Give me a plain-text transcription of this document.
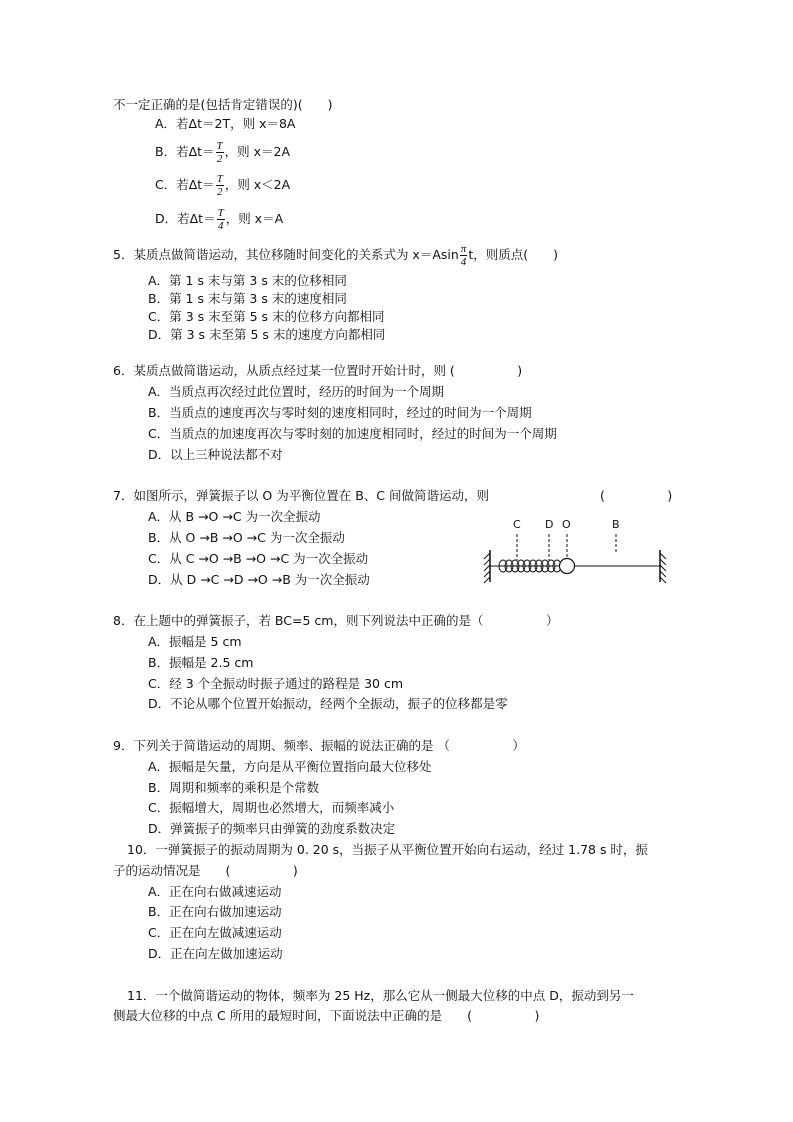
不一定正确的是(包括肯定错误的)(　　)
A．若Δt＝2T，则 x＝8A
B．若$\Delta t= \frac{T}{2}$ ，则 x＝2A
C．若$\Delta t= \frac{T}{2}$ ，则 x＜2A
D．若$\Delta t= \frac{T}{4}$ ，则 x＝A
5．某质点做简谐运动，其位移随时间变化的关系式为 $x=Asin \frac{\pi}{4}$ t，则质点(　　)
A．第 1 s 末与第 3 s 末的位移相同
B．第 1 s 末与第 3 s 末的速度相同
C．第 3 s 末至第 5 s 末的位移方向都相同
D．第 3 s 末至第 5 s 末的速度方向都相同
6．某质点做简谐运动，从质点经过某一位置时开始计时，则 (　　　　　)
A．当质点再次经过此位置时，经历的时间为一个周期
B．当质点的速度再次与零时刻的速度相同时，经过的时间为一个周期
C．当质点的加速度再次与零时刻的加速度相同时，经过的时间为一个周期
D．以上三种说法都不对
7．如图所示，弹簧振子以 O 为平衡位置在 B、C 间做简谐运动，则	(　　　　　)
A．从 B →O →C 为一次全振动
B．从 O →B →O →C 为一次全振动
C．从 C →O →B →O →C 为一次全振动
D．从 D →C →D →O →B 为一次全振动
C D O	B
8．在上题中的弹簧振子，若 BC=5 cm，则下列说法中正确的是（　　　　　）
A．振幅是 5 cm
B．振幅是 2.5 cm
C．经 3 个全振动时振子通过的路程是 30 cm
D．不论从哪个位置开始振动，经两个全振动，振子的位移都是零
9．下列关于简谐运动的周期、频率、振幅的说法正确的是 （　　　　　）
A．振幅是矢量，方向是从平衡位置指向最大位移处
B．周期和频率的乘积是个常数
C．振幅增大，周期也必然增大，而频率减小
D．弹簧振子的频率只由弹簧的劲度系数决定
10．一弹簧振子的振动周期为 0. 20 s，当振子从平衡位置开始向右运动，经过 1.78 s 时，振
子的运动情况是　　(　　　　　)
A．正在向右做减速运动
B．正在向右做加速运动
C．正在向左做减速运动
D．正在向左做加速运动
11．一个做简谐运动的物体，频率为 25 Hz，那么它从一侧最大位移的中点 D，振动到另一
侧最大位移的中点 C 所用的最短时间，下面说法中正确的是　　(　　　　　)
